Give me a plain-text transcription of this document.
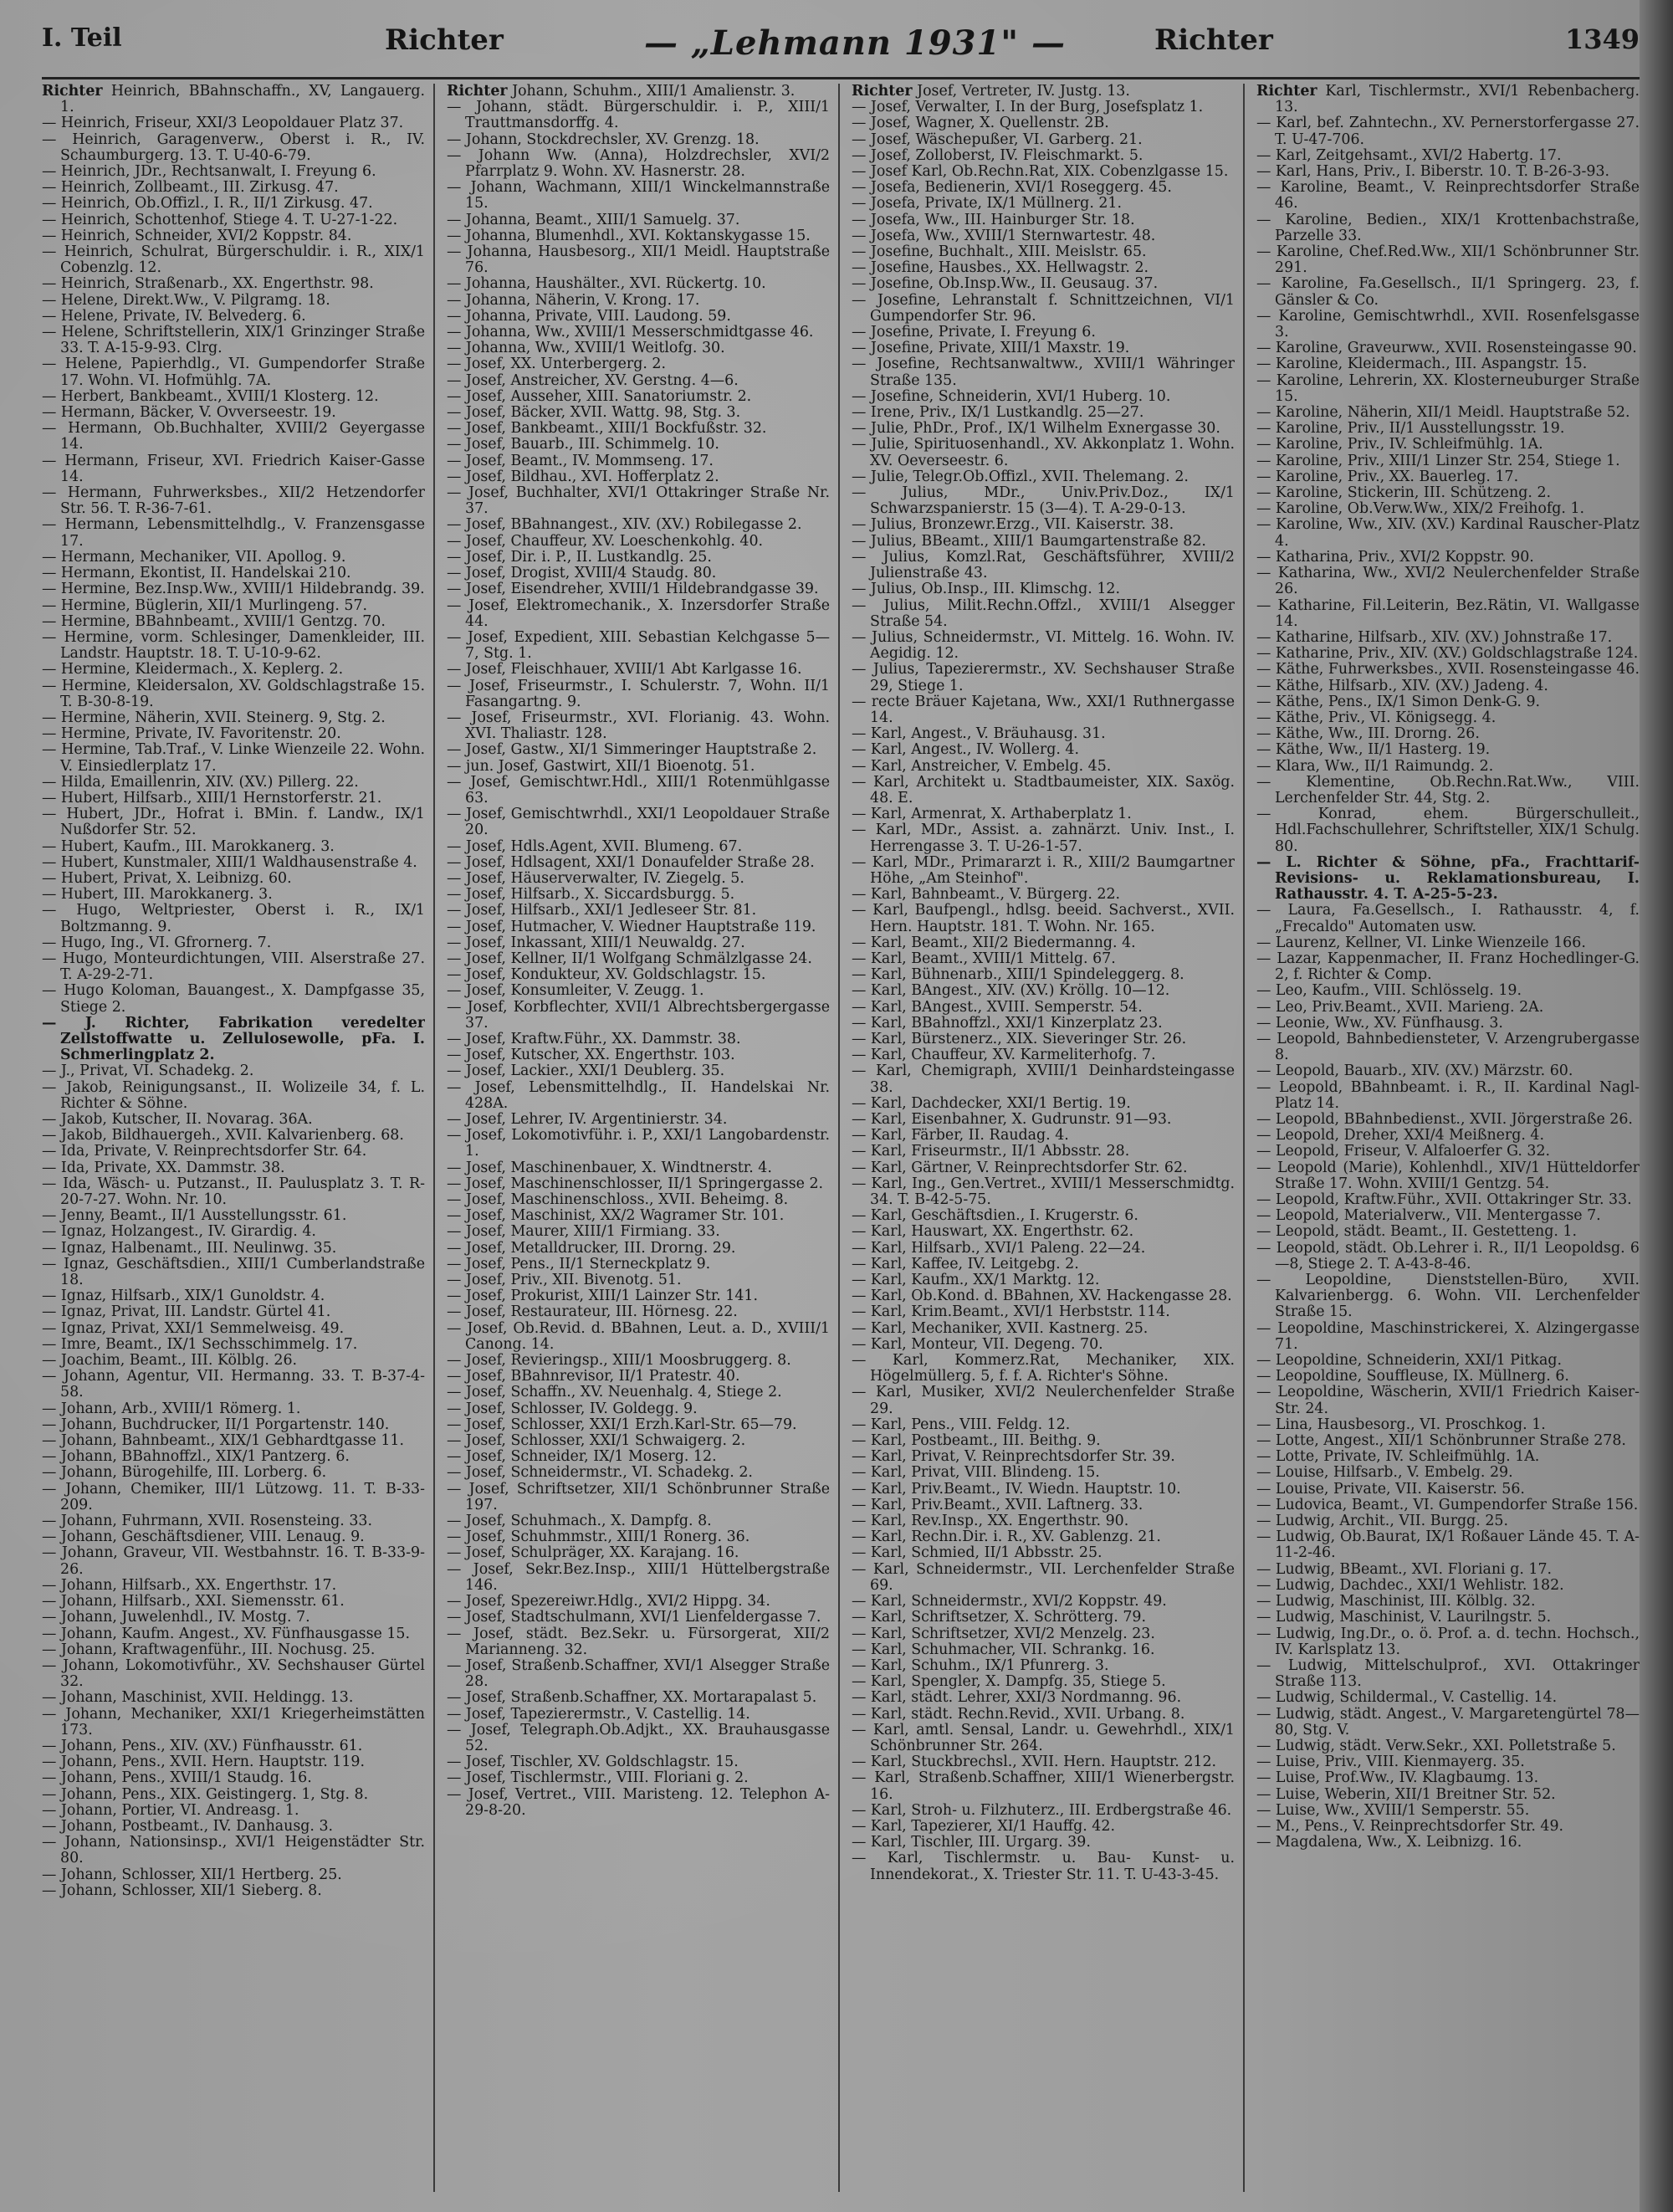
I. Teil	Richter	— „Lehmann 1931" —	Richter	1349

Richter Heinrich, BBahnschaffn., XV, Langauerg. 1.

— Heinrich, Friseur, XXI/3 Leopoldauer Platz 37.

— Heinrich, Garagenverw., Oberst i. R., IV. Schaumburgerg. 13. T. U-40-6-79.

— Heinrich, JDr., Rechtsanwalt, I. Freyung 6.

— Heinrich, Zollbeamt., III. Zirkusg. 47.

— Heinrich, Ob.Offizl., I. R., II/1 Zirkusg. 47.

— Heinrich, Schottenhof, Stiege 4. T. U-27-1-22.

— Heinrich, Schneider, XVI/2 Koppstr. 84.

— Heinrich, Schulrat, Bürgerschuldir. i. R., XIX/1 Cobenzlg. 12.

— Heinrich, Straßenarb., XX. Engerthstr. 98.

— Helene, Direkt.Ww., V. Pilgramg. 18.

— Helene, Private, IV. Belvederg. 6.

— Helene, Schriftstellerin, XIX/1 Grinzinger Straße 33. T. A-15-9-93. Clrg.

— Helene, Papierhdlg., VI. Gumpendorfer Straße 17. Wohn. VI. Hofmühlg. 7A.

— Herbert, Bankbeamt., XVIII/1 Klosterg. 12.

— Hermann, Bäcker, V. Ovverseestr. 19.

— Hermann, Ob.Buchhalter, XVIII/2 Geyergasse 14.

— Hermann, Friseur, XVI. Friedrich Kaiser-Gasse 14.

— Hermann, Fuhrwerksbes., XII/2 Hetzendorfer Str. 56. T. R-36-7-61.

— Hermann, Lebensmittelhdlg., V. Franzensgasse 17.

— Hermann, Mechaniker, VII. Apollog. 9.

— Hermann, Ekontist, II. Handelskai 210.

— Hermine, Bez.Insp.Ww., XVIII/1 Hildebrandg. 39.

— Hermine, Büglerin, XII/1 Murlingeng. 57.

— Hermine, BBahnbeamt., XVIII/1 Gentzg. 70.

— Hermine, vorm. Schlesinger, Damenkleider, III. Landstr. Hauptstr. 18. T. U-10-9-62.

— Hermine, Kleidermach., X. Keplerg. 2.

— Hermine, Kleidersalon, XV. Goldschlagstraße 15. T. B-30-8-19.

— Hermine, Näherin, XVII. Steinerg. 9, Stg. 2.

— Hermine, Private, IV. Favoritenstr. 20.

— Hermine, Tab.Traf., V. Linke Wienzeile 22. Wohn. V. Einsiedlerplatz 17.

— Hilda, Emaillenrin, XIV. (XV.) Pillerg. 22.

— Hubert, Hilfsarb., XIII/1 Hernstorferstr. 21.

— Hubert, JDr., Hofrat i. BMin. f. Landw., IX/1 Nußdorfer Str. 52.

— Hubert, Kaufm., III. Marokkanerg. 3.

— Hubert, Kunstmaler, XIII/1 Waldhausenstraße 4.

— Hubert, Privat, X. Leibnizg. 60.

— Hubert, III. Marokkanerg. 3.

— Hugo, Weltpriester, Oberst i. R., IX/1 Boltzmanng. 9.

— Hugo, Ing., VI. Gfrornerg. 7.

— Hugo, Monteurdichtungen, VIII. Alserstraße 27. T. A-29-2-71.

— Hugo Koloman, Bauangest., X. Dampfgasse 35, Stiege 2.

— J. Richter, Fabrikation veredelter Zellstoffwatte u. Zellulosewolle, pFa. I. Schmerlingplatz 2.

— J., Privat, VI. Schadekg. 2.

— Jakob, Reinigungsanst., II. Wolizeile 34, f. L. Richter & Söhne.

— Jakob, Kutscher, II. Novarag. 36A.

— Jakob, Bildhauergeh., XVII. Kalvarienberg. 68.

— Ida, Private, V. Reinprechtsdorfer Str. 64.

— Ida, Private, XX. Dammstr. 38.

— Ida, Wäsch- u. Putzanst., II. Paulusplatz 3. T. R-20-7-27. Wohn. Nr. 10.

— Jenny, Beamt., II/1 Ausstellungsstr. 61.

— Ignaz, Holzangest., IV. Girardig. 4.

— Ignaz, Halbenamt., III. Neulinwg. 35.

— Ignaz, Geschäftsdien., XIII/1 Cumberlandstraße 18.

— Ignaz, Hilfsarb., XIX/1 Gunoldstr. 4.

— Ignaz, Privat, III. Landstr. Gürtel 41.

— Ignaz, Privat, XXI/1 Semmelweisg. 49.

— Imre, Beamt., IX/1 Sechsschimmelg. 17.

— Joachim, Beamt., III. Kölblg. 26.

— Johann, Agentur, VII. Hermanng. 33. T. B-37-4-58.

— Johann, Arb., XVIII/1 Römerg. 1.

— Johann, Buchdrucker, II/1 Porgartenstr. 140.

— Johann, Bahnbeamt., XIX/1 Gebhardtgasse 11.

— Johann, BBahnoffzl., XIX/1 Pantzerg. 6.

— Johann, Bürogehilfe, III. Lorberg. 6.

— Johann, Chemiker, III/1 Lützowg. 11. T. B-33-209.

— Johann, Fuhrmann, XVII. Rosensteing. 33.

— Johann, Geschäftsdiener, VIII. Lenaug. 9.

— Johann, Graveur, VII. Westbahnstr. 16. T. B-33-9-26.

— Johann, Hilfsarb., XX. Engerthstr. 17.

— Johann, Hilfsarb., XXI. Siemensstr. 61.

— Johann, Juwelenhdl., IV. Mostg. 7.

— Johann, Kaufm. Angest., XV. Fünfhausgasse 15.

— Johann, Kraftwagenführ., III. Nochusg. 25.

— Johann, Lokomotivführ., XV. Sechshauser Gürtel 32.

— Johann, Maschinist, XVII. Heldingg. 13.

— Johann, Mechaniker, XXI/1 Kriegerheimstätten 173.

— Johann, Pens., XIV. (XV.) Fünfhausstr. 61.

— Johann, Pens., XVII. Hern. Hauptstr. 119.

— Johann, Pens., XVIII/1 Staudg. 16.

— Johann, Pens., XIX. Geistingerg. 1, Stg. 8.

— Johann, Portier, VI. Andreasg. 1.

— Johann, Postbeamt., IV. Danhausg. 3.

— Johann, Nationsinsp., XVI/1 Heigenstädter Str. 80.

— Johann, Schlosser, XII/1 Hertberg. 25.

— Johann, Schlosser, XII/1 Sieberg. 8.

Richter Johann, Schuhm., XIII/1 Amalienstr. 3.

— Johann, städt. Bürgerschuldir. i. P., XIII/1 Trauttmansdorffg. 4.

— Johann, Stockdrechsler, XV. Grenzg. 18.

— Johann Ww. (Anna), Holzdrechsler, XVI/2 Pfarrplatz 9. Wohn. XV. Hasnerstr. 28.

— Johann, Wachmann, XIII/1 Winckelmannstraße 15.

— Johanna, Beamt., XIII/1 Samuelg. 37.

— Johanna, Blumenhdl., XVI. Koktanskygasse 15.

— Johanna, Hausbesorg., XII/1 Meidl. Hauptstraße 76.

— Johanna, Haushälter., XVI. Rückertg. 10.

— Johanna, Näherin, V. Krong. 17.

— Johanna, Private, VIII. Laudong. 59.

— Johanna, Ww., XVIII/1 Messerschmidtgasse 46.

— Johanna, Ww., XVIII/1 Weitlofg. 30.

— Josef, XX. Unterbergerg. 2.

— Josef, Anstreicher, XV. Gerstng. 4—6.

— Josef, Ausseher, XIII. Sanatoriumstr. 2.

— Josef, Bäcker, XVII. Wattg. 98, Stg. 3.

— Josef, Bankbeamt., XIII/1 Bockfußstr. 32.

— Josef, Bauarb., III. Schimmelg. 10.

— Josef, Beamt., IV. Mommseng. 17.

— Josef, Bildhau., XVI. Hofferplatz 2.

— Josef, Buchhalter, XVI/1 Ottakringer Straße Nr. 37.

— Josef, BBahnangest., XIV. (XV.) Robilegasse 2.

— Josef, Chauffeur, XV. Loeschenkohlg. 40.

— Josef, Dir. i. P., II. Lustkandlg. 25.

— Josef, Drogist, XVIII/4 Staudg. 80.

— Josef, Eisendreher, XVIII/1 Hildebrandgasse 39.

— Josef, Elektromechanik., X. Inzersdorfer Straße 44.

— Josef, Expedient, XIII. Sebastian Kelchgasse 5—7, Stg. 1.

— Josef, Fleischhauer, XVIII/1 Abt Karlgasse 16.

— Josef, Friseurmstr., I. Schulerstr. 7, Wohn. II/1 Fasangartng. 9.

— Josef, Friseurmstr., XVI. Florianig. 43. Wohn. XVI. Thaliastr. 128.

— Josef, Gastw., XI/1 Simmeringer Hauptstraße 2.

— jun. Josef, Gastwirt, XII/1 Bioenotg. 51.

— Josef, Gemischtwr.Hdl., XIII/1 Rotenmühlgasse 63.

— Josef, Gemischtwrhdl., XXI/1 Leopoldauer Straße 20.

— Josef, Hdls.Agent, XVII. Blumeng. 67.

— Josef, Hdlsagent, XXI/1 Donaufelder Straße 28.

— Josef, Häuserverwalter, IV. Ziegelg. 5.

— Josef, Hilfsarb., X. Siccardsburgg. 5.

— Josef, Hilfsarb., XXI/1 Jedleseer Str. 81.

— Josef, Hutmacher, V. Wiedner Hauptstraße 119.

— Josef, Inkassant, XIII/1 Neuwaldg. 27.

— Josef, Kellner, II/1 Wolfgang Schmälzlgasse 24.

— Josef, Kondukteur, XV. Goldschlagstr. 15.

— Josef, Konsumleiter, V. Zeugg. 1.

— Josef, Korbflechter, XVII/1 Albrechtsbergergasse 37.

— Josef, Kraftw.Führ., XX. Dammstr. 38.

— Josef, Kutscher, XX. Engerthstr. 103.

— Josef, Lackier., XXI/1 Deublerg. 35.

— Josef, Lebensmittelhdlg., II. Handelskai Nr. 428A.

— Josef, Lehrer, IV. Argentinierstr. 34.

— Josef, Lokomotivführ. i. P., XXI/1 Langobardenstr. 1.

— Josef, Maschinenbauer, X. Windtnerstr. 4.

— Josef, Maschinenschlosser, II/1 Springergasse 2.

— Josef, Maschinenschloss., XVII. Beheimg. 8.

— Josef, Maschinist, XX/2 Wagramer Str. 101.

— Josef, Maurer, XIII/1 Firmiang. 33.

— Josef, Metalldrucker, III. Drorng. 29.

— Josef, Pens., II/1 Sterneckplatz 9.

— Josef, Priv., XII. Bivenotg. 51.

— Josef, Prokurist, XIII/1 Lainzer Str. 141.

— Josef, Restaurateur, III. Hörnesg. 22.

— Josef, Ob.Revid. d. BBahnen, Leut. a. D., XVIII/1 Canong. 14.

— Josef, Revieringsp., XIII/1 Moosbruggerg. 8.

— Josef, BBahnrevisor, II/1 Pratestr. 40.

— Josef, Schaffn., XV. Neuenhalg. 4, Stiege 2.

— Josef, Schlosser, IV. Goldegg. 9.

— Josef, Schlosser, XXI/1 Erzh.Karl-Str. 65—79.

— Josef, Schlosser, XXI/1 Schwaigerg. 2.

— Josef, Schneider, IX/1 Moserg. 12.

— Josef, Schneidermstr., VI. Schadekg. 2.

— Josef, Schriftsetzer, XII/1 Schönbrunner Straße 197.

— Josef, Schuhmach., X. Dampfg. 8.

— Josef, Schuhmmstr., XIII/1 Ronerg. 36.

— Josef, Schulpräger, XX. Karajang. 16.

— Josef, Sekr.Bez.Insp., XIII/1 Hüttelbergstraße 146.

— Josef, Spezereiwr.Hdlg., XVI/2 Hippg. 34.

— Josef, Stadtschulmann, XVI/1 Lienfeldergasse 7.

— Josef, städt. Bez.Sekr. u. Fürsorgerat, XII/2 Marianneng. 32.

— Josef, Straßenb.Schaffner, XVI/1 Alsegger Straße 28.

— Josef, Straßenb.Schaffner, XX. Mortarapalast 5.

— Josef, Tapezierermstr., V. Castellig. 14.

— Josef, Telegraph.Ob.Adjkt., XX. Brauhausgasse 52.

— Josef, Tischler, XV. Goldschlagstr. 15.

— Josef, Tischlermstr., VIII. Floriani g. 2.

— Josef, Vertret., VIII. Maristeng. 12. Telephon A-29-8-20.

Richter Josef, Vertreter, IV. Justg. 13.

— Josef, Verwalter, I. In der Burg, Josefsplatz 1.

— Josef, Wagner, X. Quellenstr. 2B.

— Josef, Wäschepußer, VI. Garberg. 21.

— Josef, Zolloberst, IV. Fleischmarkt. 5.

— Josef Karl, Ob.Rechn.Rat, XIX. Cobenzlgasse 15.

— Josefa, Bedienerin, XVI/1 Roseggerg. 45.

— Josefa, Private, IX/1 Müllnerg. 21.

— Josefa, Ww., III. Hainburger Str. 18.

— Josefa, Ww., XVIII/1 Sternwartestr. 48.

— Josefine, Buchhalt., XIII. Meislstr. 65.

— Josefine, Hausbes., XX. Hellwagstr. 2.

— Josefine, Ob.Insp.Ww., II. Geusaug. 37.

— Josefine, Lehranstalt f. Schnittzeichnen, VI/1 Gumpendorfer Str. 96.

— Josefine, Private, I. Freyung 6.

— Josefine, Private, XIII/1 Maxstr. 19.

— Josefine, Rechtsanwaltww., XVIII/1 Währinger Straße 135.

— Josefine, Schneiderin, XVI/1 Huberg. 10.

— Irene, Priv., IX/1 Lustkandlg. 25—27.

— Julie, PhDr., Prof., IX/1 Wilhelm Exnergasse 30.

— Julie, Spirituosenhandl., XV. Akkonplatz 1. Wohn. XV. Oeverseestr. 6.

— Julie, Telegr.Ob.Offizl., XVII. Thelemang. 2.

— Julius, MDr., Univ.Priv.Doz., IX/1 Schwarzspanierstr. 15 (3—4). T. A-29-0-13.

— Julius, Bronzewr.Erzg., VII. Kaiserstr. 38.

— Julius, BBeamt., XIII/1 Baumgartenstraße 82.

— Julius, Komzl.Rat, Geschäftsführer, XVIII/2 Julienstraße 43.

— Julius, Ob.Insp., III. Klimschg. 12.

— Julius, Milit.Rechn.Offzl., XVIII/1 Alsegger Straße 54.

— Julius, Schneidermstr., VI. Mittelg. 16. Wohn. IV. Aegidig. 12.

— Julius, Tapezierermstr., XV. Sechshauser Straße 29, Stiege 1.

— recte Bräuer Kajetana, Ww., XXI/1 Ruthnergasse 14.

— Karl, Angest., V. Bräuhausg. 31.

— Karl, Angest., IV. Wollerg. 4.

— Karl, Anstreicher, V. Embelg. 45.

— Karl, Architekt u. Stadtbaumeister, XIX. Saxög. 48. E.

— Karl, Armenrat, X. Arthaberplatz 1.

— Karl, MDr., Assist. a. zahnärzt. Univ. Inst., I. Herrengasse 3. T. U-26-1-57.

— Karl, MDr., Primararzt i. R., XIII/2 Baumgartner Höhe, „Am Steinhof".

— Karl, Bahnbeamt., V. Bürgerg. 22.

— Karl, Baufpengl., hdlsg. beeid. Sachverst., XVII. Hern. Hauptstr. 181. T. Wohn. Nr. 165.

— Karl, Beamt., XII/2 Biedermanng. 4.

— Karl, Beamt., XVIII/1 Mittelg. 67.

— Karl, Bühnenarb., XIII/1 Spindeleggerg. 8.

— Karl, BAngest., XIV. (XV.) Kröllg. 10—12.

— Karl, BAngest., XVIII. Semperstr. 54.

— Karl, BBahnoffzl., XXI/1 Kinzerplatz 23.

— Karl, Bürstenerz., XIX. Sieveringer Str. 26.

— Karl, Chauffeur, XV. Karmeliterhofg. 7.

— Karl, Chemigraph, XVIII/1 Deinhardsteingasse 38.

— Karl, Dachdecker, XXI/1 Bertig. 19.

— Karl, Eisenbahner, X. Gudrunstr. 91—93.

— Karl, Färber, II. Raudag. 4.

— Karl, Friseurmstr., II/1 Abbsstr. 28.

— Karl, Gärtner, V. Reinprechtsdorfer Str. 62.

— Karl, Ing., Gen.Vertret., XVIII/1 Messerschmidtg. 34. T. B-42-5-75.

— Karl, Geschäftsdien., I. Krugerstr. 6.

— Karl, Hauswart, XX. Engerthstr. 62.

— Karl, Hilfsarb., XVI/1 Paleng. 22—24.

— Karl, Kaffee, IV. Leitgebg. 2.

— Karl, Kaufm., XX/1 Marktg. 12.

— Karl, Ob.Kond. d. BBahnen, XV. Hackengasse 28.

— Karl, Krim.Beamt., XVI/1 Herbststr. 114.

— Karl, Mechaniker, XVII. Kastnerg. 25.

— Karl, Monteur, VII. Degeng. 70.

— Karl, Kommerz.Rat, Mechaniker, XIX. Högelmüllerg. 5, f. f. A. Richter's Söhne.

— Karl, Musiker, XVI/2 Neulerchenfelder Straße 29.

— Karl, Pens., VIII. Feldg. 12.

— Karl, Postbeamt., III. Beithg. 9.

— Karl, Privat, V. Reinprechtsdorfer Str. 39.

— Karl, Privat, VIII. Blindeng. 15.

— Karl, Priv.Beamt., IV. Wiedn. Hauptstr. 10.

— Karl, Priv.Beamt., XVII. Laftnerg. 33.

— Karl, Rev.Insp., XX. Engerthstr. 90.

— Karl, Rechn.Dir. i. R., XV. Gablenzg. 21.

— Karl, Schmied, II/1 Abbsstr. 25.

— Karl, Schneidermstr., VII. Lerchenfelder Straße 69.

— Karl, Schneidermstr., XVI/2 Koppstr. 49.

— Karl, Schriftsetzer, X. Schrötterg. 79.

— Karl, Schriftsetzer, XVI/2 Menzelg. 23.

— Karl, Schuhmacher, VII. Schrankg. 16.

— Karl, Schuhm., IX/1 Pfunrerg. 3.

— Karl, Spengler, X. Dampfg. 35, Stiege 5.

— Karl, städt. Lehrer, XXI/3 Nordmanng. 96.

— Karl, städt. Rechn.Revid., XVII. Urbang. 8.

— Karl, amtl. Sensal, Landr. u. Gewehrhdl., XIX/1 Schönbrunner Str. 264.

— Karl, Stuckbrechsl., XVII. Hern. Hauptstr. 212.

— Karl, Straßenb.Schaffner, XIII/1 Wienerbergstr. 16.

— Karl, Stroh- u. Filzhuterz., III. Erdbergstraße 46.

— Karl, Tapezierer, XI/1 Hauffg. 42.

— Karl, Tischler, III. Urgarg. 39.

— Karl, Tischlermstr. u. Bau- Kunst- u. Innendekorat., X. Triester Str. 11. T. U-43-3-45.

Richter Karl, Tischlermstr., XVI/1 Rebenbacherg. 13.

— Karl, bef. Zahntechn., XV. Pernerstorfergasse 27. T. U-47-706.

— Karl, Zeitgehsamt., XVI/2 Habertg. 17.

— Karl, Hans, Priv., I. Biberstr. 10. T. B-26-3-93.

— Karoline, Beamt., V. Reinprechtsdorfer Straße 46.

— Karoline, Bedien., XIX/1 Krottenbachstraße, Parzelle 33.

— Karoline, Chef.Red.Ww., XII/1 Schönbrunner Str. 291.

— Karoline, Fa.Gesellsch., II/1 Springerg. 23, f. Gänsler & Co.

— Karoline, Gemischtwrhdl., XVII. Rosenfelsgasse 3.

— Karoline, Graveurww., XVII. Rosensteingasse 90.

— Karoline, Kleidermach., III. Aspangstr. 15.

— Karoline, Lehrerin, XX. Klosterneuburger Straße 15.

— Karoline, Näherin, XII/1 Meidl. Hauptstraße 52.

— Karoline, Priv., II/1 Ausstellungsstr. 19.

— Karoline, Priv., IV. Schleifmühlg. 1A.

— Karoline, Priv., XIII/1 Linzer Str. 254, Stiege 1.

— Karoline, Priv., XX. Bauerleg. 17.

— Karoline, Stickerin, III. Schützeng. 2.

— Karoline, Ob.Verw.Ww., XIX/2 Freihofg. 1.

— Karoline, Ww., XIV. (XV.) Kardinal Rauscher-Platz 4.

— Katharina, Priv., XVI/2 Koppstr. 90.

— Katharina, Ww., XVI/2 Neulerchenfelder Straße 26.

— Katharine, Fil.Leiterin, Bez.Rätin, VI. Wallgasse 14.

— Katharine, Hilfsarb., XIV. (XV.) Johnstraße 17.

— Katharine, Priv., XIV. (XV.) Goldschlagstraße 124.

— Käthe, Fuhrwerksbes., XVII. Rosensteingasse 46.

— Käthe, Hilfsarb., XIV. (XV.) Jadeng. 4.

— Käthe, Pens., IX/1 Simon Denk-G. 9.

— Käthe, Priv., VI. Königsegg. 4.

— Käthe, Ww., III. Drorng. 26.

— Käthe, Ww., II/1 Hasterg. 19.

— Klara, Ww., II/1 Raimundg. 2.

— Klementine, Ob.Rechn.Rat.Ww., VIII. Lerchenfelder Str. 44, Stg. 2.

— Konrad, ehem. Bürgerschulleit., Hdl.Fachschullehrer, Schriftsteller, XIX/1 Schulg. 80.

— L. Richter & Söhne, pFa., Frachttarif-Revisions- u. Reklamationsbureau, I. Rathausstr. 4. T. A-25-5-23.

— Laura, Fa.Gesellsch., I. Rathausstr. 4, f. „Frecaldo" Automaten usw.

— Laurenz, Kellner, VI. Linke Wienzeile 166.

— Lazar, Kappenmacher, II. Franz Hochedlinger-G. 2, f. Richter & Comp.

— Leo, Kaufm., VIII. Schlösselg. 19.

— Leo, Priv.Beamt., XVII. Marieng. 2A.

— Leonie, Ww., XV. Fünfhausg. 3.

— Leopold, Bahnbediensteter, V. Arzengrubergasse 8.

— Leopold, Bauarb., XIV. (XV.) Märzstr. 60.

— Leopold, BBahnbeamt. i. R., II. Kardinal Nagl-Platz 14.

— Leopold, BBahnbedienst., XVII. Jörgerstraße 26.

— Leopold, Dreher, XXI/4 Meißnerg. 4.

— Leopold, Friseur, V. Alfaloerfer G. 32.

— Leopold (Marie), Kohlenhdl., XIV/1 Hütteldorfer Straße 17. Wohn. XVIII/1 Gentzg. 54.

— Leopold, Kraftw.Führ., XVII. Ottakringer Str. 33.

— Leopold, Materialverw., VII. Mentergasse 7.

— Leopold, städt. Beamt., II. Gestetteng. 1.

— Leopold, städt. Ob.Lehrer i. R., II/1 Leopoldsg. 6—8, Stiege 2. T. A-43-8-46.

— Leopoldine, Dienststellen-Büro, XVII. Kalvarienbergg. 6. Wohn. VII. Lerchenfelder Straße 15.

— Leopoldine, Maschinstrickerei, X. Alzingergasse 71.

— Leopoldine, Schneiderin, XXI/1 Pitkag.

— Leopoldine, Souffleuse, IX. Müllnerg. 6.

— Leopoldine, Wäscherin, XVII/1 Friedrich Kaiser-Str. 24.

— Lina, Hausbesorg., VI. Proschkog. 1.

— Lotte, Angest., XII/1 Schönbrunner Straße 278.

— Lotte, Private, IV. Schleifmühlg. 1A.

— Louise, Hilfsarb., V. Embelg. 29.

— Louise, Private, VII. Kaiserstr. 56.

— Ludovica, Beamt., VI. Gumpendorfer Straße 156.

— Ludwig, Archit., VII. Burgg. 25.

— Ludwig, Ob.Baurat, IX/1 Roßauer Lände 45. T. A-11-2-46.

— Ludwig, BBeamt., XVI. Floriani g. 17.

— Ludwig, Dachdec., XXI/1 Wehlistr. 182.

— Ludwig, Maschinist, III. Kölblg. 32.

— Ludwig, Maschinist, V. Laurilngstr. 5.

— Ludwig, Ing.Dr., o. ö. Prof. a. d. techn. Hochsch., IV. Karlsplatz 13.

— Ludwig, Mittelschulprof., XVI. Ottakringer Straße 113.

— Ludwig, Schildermal., V. Castellig. 14.

— Ludwig, städt. Angest., V. Margaretengürtel 78—80, Stg. V.

— Ludwig, städt. Verw.Sekr., XXI. Polletstraße 5.

— Luise, Priv., VIII. Kienmayerg. 35.

— Luise, Prof.Ww., IV. Klagbaumg. 13.

— Luise, Weberin, XII/1 Breitner Str. 52.

— Luise, Ww., XVIII/1 Semperstr. 55.

— M., Pens., V. Reinprechtsdorfer Str. 49.

— Magdalena, Ww., X. Leibnizg. 16.
